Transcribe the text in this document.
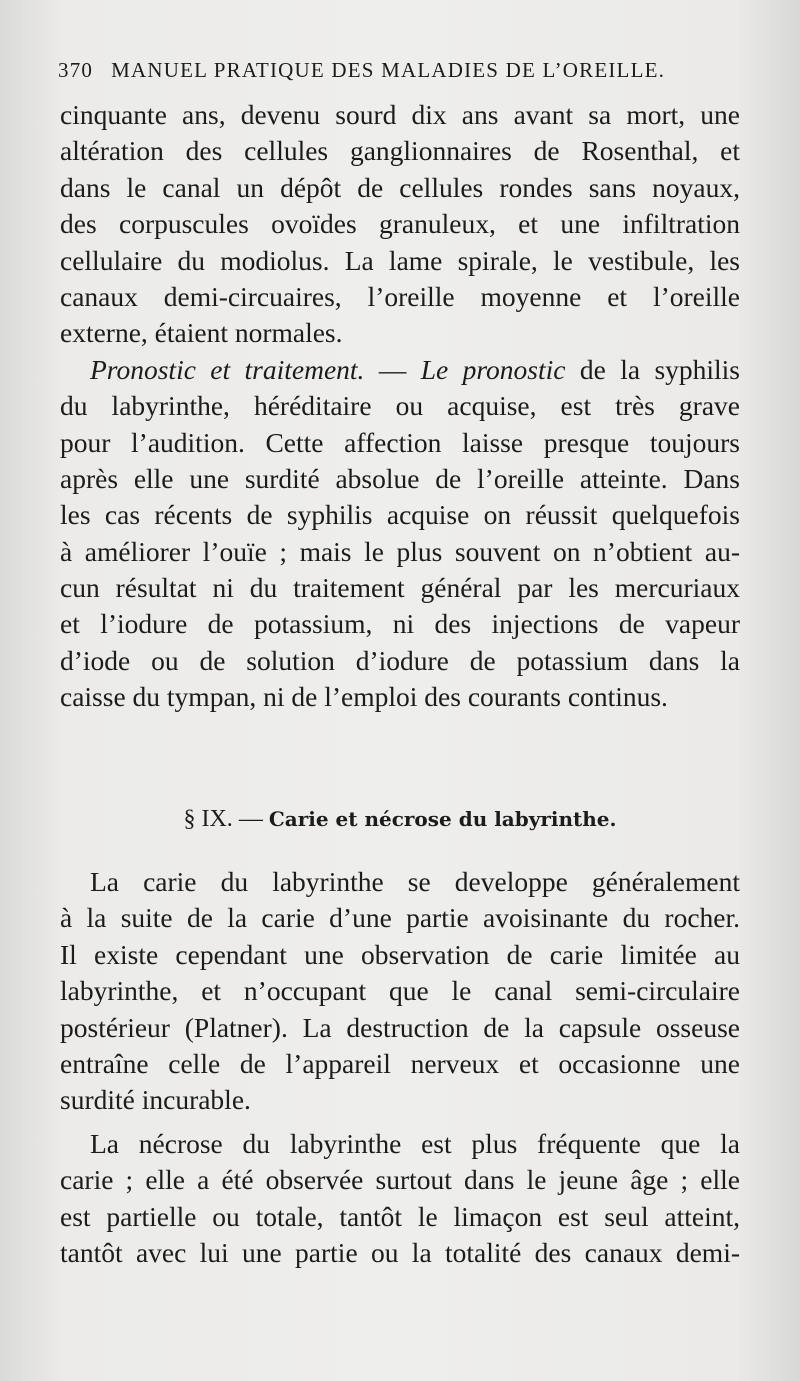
370 MANUEL PRATIQUE DES MALADIES DE L’OREILLE.
cinquante ans, devenu sourd dix ans avant sa mort, une
altération des cellules ganglionnaires de Rosenthal, et
dans le canal un dépôt de cellules rondes sans noyaux,
des corpuscules ovoïdes granuleux, et une infiltration
cellulaire du modiolus. La lame spirale, le vestibule, les
canaux demi-circuaires, l’oreille moyenne et l’oreille
externe, étaient normales.
Pronostic et traitement. — Le pronostic de la syphilis
du labyrinthe, héréditaire ou acquise, est très grave
pour l’audition. Cette affection laisse presque toujours
après elle une surdité absolue de l’oreille atteinte. Dans
les cas récents de syphilis acquise on réussit quelquefois
à améliorer l’ouïe ; mais le plus souvent on n’obtient au-
cun résultat ni du traitement général par les mercuriaux
et l’iodure de potassium, ni des injections de vapeur
d’iode ou de solution d’iodure de potassium dans la
caisse du tympan, ni de l’emploi des courants continus.
§ IX. — Carie et nécrose du labyrinthe.
La carie du labyrinthe se developpe généralement
à la suite de la carie d’une partie avoisinante du rocher.
Il existe cependant une observation de carie limitée au
labyrinthe, et n’occupant que le canal semi-circulaire
postérieur (Platner). La destruction de la capsule osseuse
entraîne celle de l’appareil nerveux et occasionne une
surdité incurable.
La nécrose du labyrinthe est plus fréquente que la
carie ; elle a été observée surtout dans le jeune âge ; elle
est partielle ou totale, tantôt le limaçon est seul atteint,
tantôt avec lui une partie ou la totalité des canaux demi-
